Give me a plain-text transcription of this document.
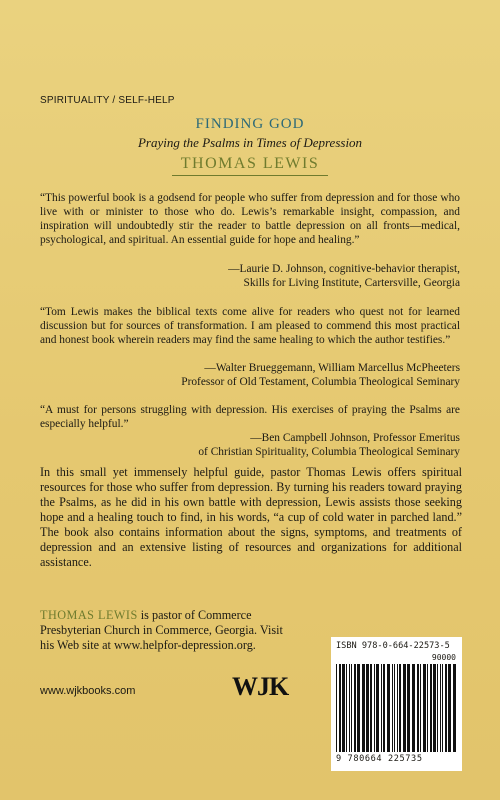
SPIRITUALITY / SELF-HELP
FINDING GOD
Praying the Psalms in Times of Depression
THOMAS LEWIS
“This powerful book is a godsend for people who suffer from depression and for those who live with or minister to those who do. Lewis’s remarkable insight, compassion, and inspiration will undoubtedly stir the reader to battle depression on all fronts—medical, psychological, and spiritual. An essential guide for hope and healing.”
—Laurie D. Johnson, cognitive-behavior therapist,
Skills for Living Institute, Cartersville, Georgia
“Tom Lewis makes the biblical texts come alive for readers who quest not for learned discussion but for sources of transformation. I am pleased to commend this most practical and honest book wherein readers may find the same healing to which the author testifies.”
—Walter Brueggemann, William Marcellus McPheeters
Professor of Old Testament, Columbia Theological Seminary
“A must for persons struggling with depression. His exercises of praying the Psalms are especially helpful.”
—Ben Campbell Johnson, Professor Emeritus
of Christian Spirituality, Columbia Theological Seminary
In this small yet immensely helpful guide, pastor Thomas Lewis offers spiritual resources for those who suffer from depression. By turning his readers toward praying the Psalms, as he did in his own battle with depression, Lewis assists those seeking hope and a healing touch to find, in his words, “a cup of cold water in parched land.” The book also contains information about the signs, symptoms, and treatments of depression and an extensive listing of resources and organizations for additional assistance.
THOMAS LEWIS is pastor of Commerce Presbyterian Church in Commerce, Georgia. Visit his Web site at www.helpfor-depression.org.
www.wjkbooks.com	WJK
ISBN 978-0-664-22573-5
90000
9 780664 225735
